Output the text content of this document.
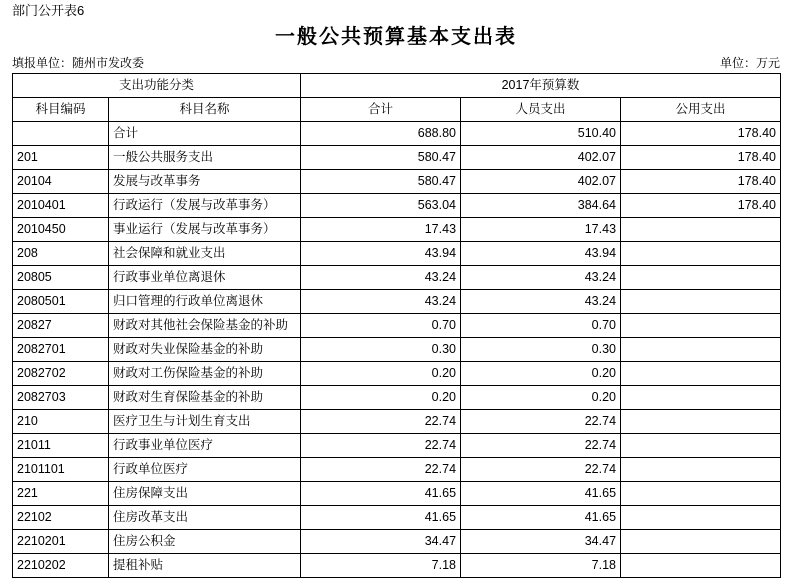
部门公开表6
一般公共预算基本支出表
填报单位：随州市发改委	单位：万元
支出功能分类		2017年预算数		
科目编码	科目名称	合计	人员支出	公用支出
	合计	688.80	510.40	178.40
201	一般公共服务支出	580.47	402.07	178.40
20104	发展与改革事务	580.47	402.07	178.40
2010401	行政运行（发展与改革事务）	563.04	384.64	178.40
2010450	事业运行（发展与改革事务）	17.43	17.43	
208	社会保障和就业支出	43.94	43.94	
20805	行政事业单位离退休	43.24	43.24	
2080501	归口管理的行政单位离退休	43.24	43.24	
20827	财政对其他社会保险基金的补助	0.70	0.70	
2082701	财政对失业保险基金的补助	0.30	0.30	
2082702	财政对工伤保险基金的补助	0.20	0.20	
2082703	财政对生育保险基金的补助	0.20	0.20	
210	医疗卫生与计划生育支出	22.74	22.74	
21011	行政事业单位医疗	22.74	22.74	
2101101	行政单位医疗	22.74	22.74	
221	住房保障支出	41.65	41.65	
22102	住房改革支出	41.65	41.65	
2210201	住房公积金	34.47	34.47	
2210202	提租补贴	7.18	7.18	
